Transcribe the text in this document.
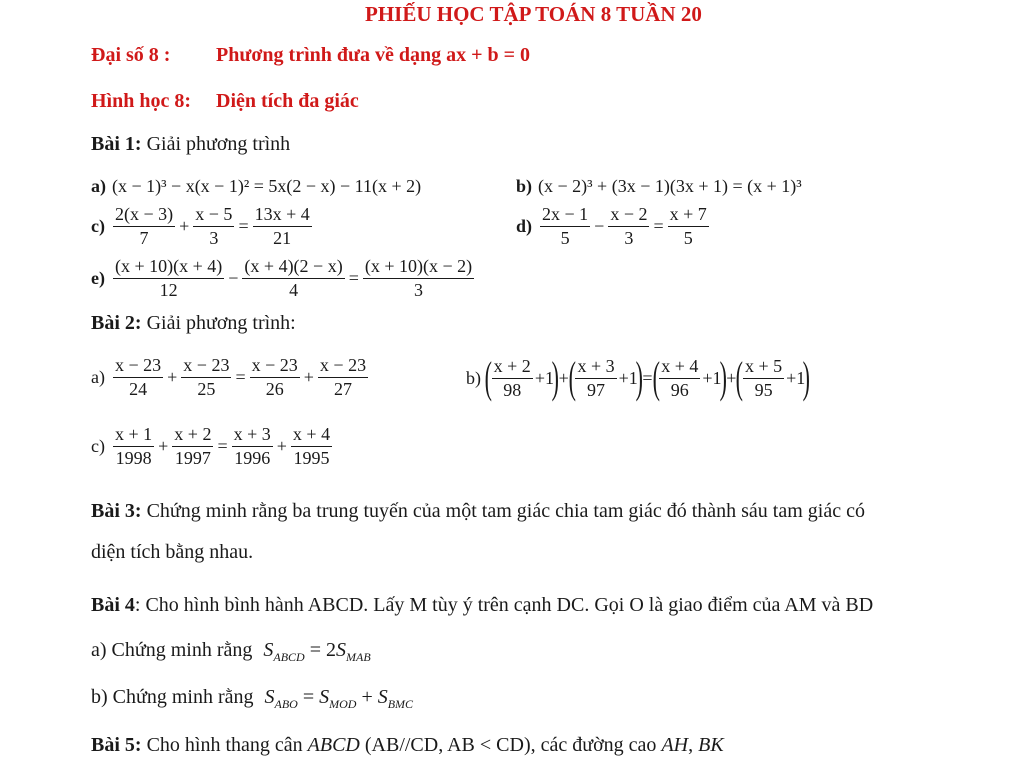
PHIẾU HỌC TẬP TOÁN 8 TUẦN 20
Đại số 8 : Phương trình đưa về dạng ax + b = 0
Hình học 8: Diện tích đa giác
Bài 1: Giải phương trình
a) (x − 1)³ − x(x − 1)² = 5x(2 − x) − 11(x + 2)	b) (x − 2)³ + (3x − 1)(3x + 1) = (x + 1)³
c)
2(x − 3)
7
+ $\frac{x - 5}{3} = \frac{13x + 4}{21}$	d)
2x − 1
5
− $\frac{x - 2}{3} = \frac{x + 7}{5}$
e)
(x + 10)(x + 4)
12
− $\frac{(x + 4)(2 - x)}{4} = \frac{(x + 10)(x - 2)}{3}$
Bài 2: Giải phương trình:
a)
x − 23
24
+ $\frac{x - 23}{25} = \frac{x - 23}{26} + \frac{x - 23}{27}$	b) ( x + 2
98
+1
) + ( x + 3
97
+1
) = ( x + 4
96
+1
) + ( x + 5
95
+1
)
c)
x + 1
1998
+ $\frac{x + 2}{1997} = \frac{x + 3}{1996} + \frac{x + 4}{1995}$
Bài 3: Chứng minh rằng ba trung tuyến của một tam giác chia tam giác đó thành sáu tam giác có
diện tích bằng nhau.
Bài 4: Cho hình bình hành ABCD. Lấy M tùy ý trên cạnh DC. Gọi O là giao điểm của AM và BD
a) Chứng minh rằng $S_{ABCD} = 2S_{MAB}$
b) Chứng minh rằng $S_{ABO} = S_{MOD} + S_{BMC}$
Bài 5: Cho hình thang cân ABCD (AB//CD, AB < CD), các đường cao AH, BK
